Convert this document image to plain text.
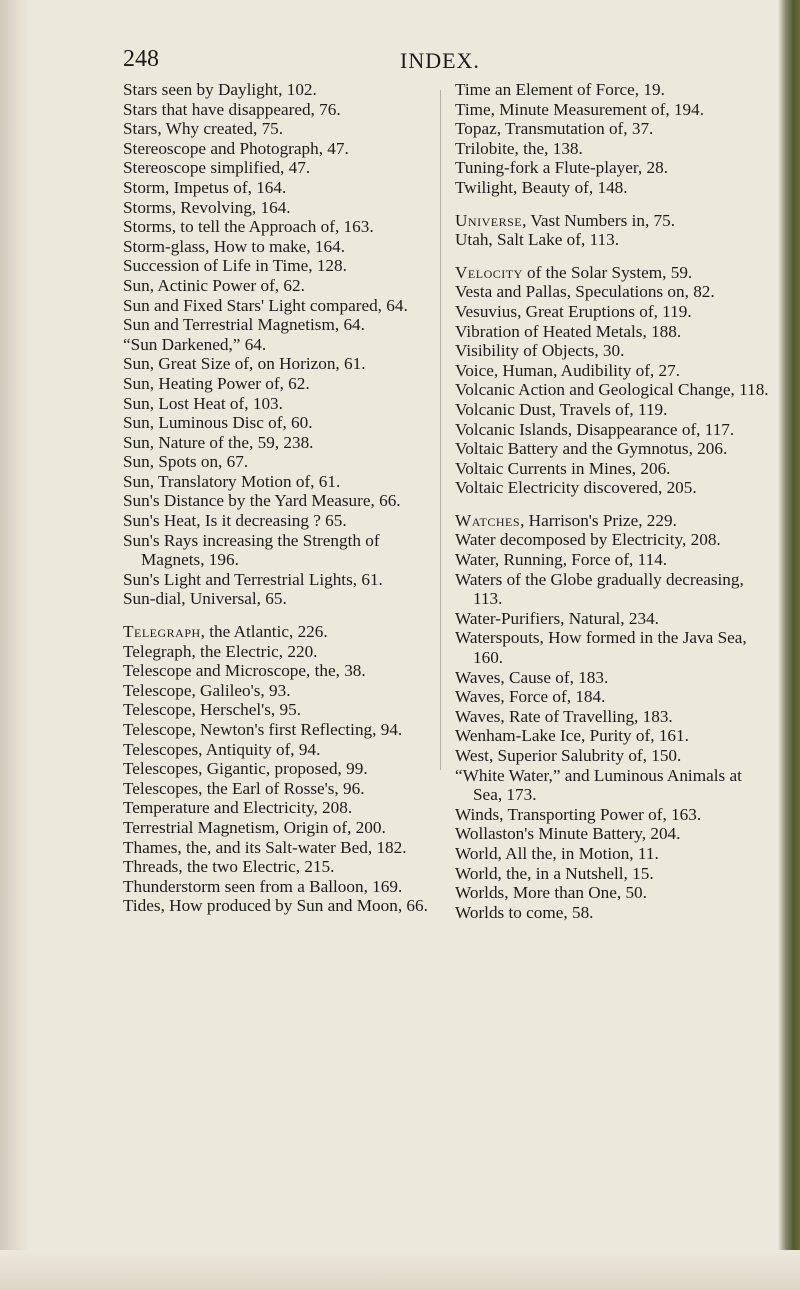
248	INDEX.

Stars seen by Daylight, 102.

Stars that have disappeared, 76.

Stars, Why created, 75.

Stereoscope and Photograph, 47.

Stereoscope simplified, 47.

Storm, Impetus of, 164.

Storms, Revolving, 164.

Storms, to tell the Approach of, 163.

Storm-glass, How to make, 164.

Succession of Life in Time, 128.

Sun, Actinic Power of, 62.

Sun and Fixed Stars' Light compared, 64.

Sun and Terrestrial Magnetism, 64.

“Sun Darkened,” 64.

Sun, Great Size of, on Horizon, 61.

Sun, Heating Power of, 62.

Sun, Lost Heat of, 103.

Sun, Luminous Disc of, 60.

Sun, Nature of the, 59, 238.

Sun, Spots on, 67.

Sun, Translatory Motion of, 61.

Sun's Distance by the Yard Measure, 66.

Sun's Heat, Is it decreasing ? 65.

Sun's Rays increasing the Strength of Magnets, 196.

Sun's Light and Terrestrial Lights, 61.

Sun-dial, Universal, 65.

Telegraph, the Atlantic, 226.

Telegraph, the Electric, 220.

Telescope and Microscope, the, 38.

Telescope, Galileo's, 93.

Telescope, Herschel's, 95.

Telescope, Newton's first Reflecting, 94.

Telescopes, Antiquity of, 94.

Telescopes, Gigantic, proposed, 99.

Telescopes, the Earl of Rosse's, 96.

Temperature and Electricity, 208.

Terrestrial Magnetism, Origin of, 200.

Thames, the, and its Salt-water Bed, 182.

Threads, the two Electric, 215.

Thunderstorm seen from a Balloon, 169.

Tides, How produced by Sun and Moon, 66.

Time an Element of Force, 19.

Time, Minute Measurement of, 194.

Topaz, Transmutation of, 37.

Trilobite, the, 138.

Tuning-fork a Flute-player, 28.

Twilight, Beauty of, 148.

Universe, Vast Numbers in, 75.

Utah, Salt Lake of, 113.

Velocity of the Solar System, 59.

Vesta and Pallas, Speculations on, 82.

Vesuvius, Great Eruptions of, 119.

Vibration of Heated Metals, 188.

Visibility of Objects, 30.

Voice, Human, Audibility of, 27.

Volcanic Action and Geological Change, 118.

Volcanic Dust, Travels of, 119.

Volcanic Islands, Disappearance of, 117.

Voltaic Battery and the Gymnotus, 206.

Voltaic Currents in Mines, 206.

Voltaic Electricity discovered, 205.

Watches, Harrison's Prize, 229.

Water decomposed by Electricity, 208.

Water, Running, Force of, 114.

Waters of the Globe gradually decreasing, 113.

Water-Purifiers, Natural, 234.

Waterspouts, How formed in the Java Sea, 160.

Waves, Cause of, 183.

Waves, Force of, 184.

Waves, Rate of Travelling, 183.

Wenham-Lake Ice, Purity of, 161.

West, Superior Salubrity of, 150.

“White Water,” and Luminous Animals at Sea, 173.

Winds, Transporting Power of, 163.

Wollaston's Minute Battery, 204.

World, All the, in Motion, 11.

World, the, in a Nutshell, 15.

Worlds, More than One, 50.

Worlds to come, 58.
